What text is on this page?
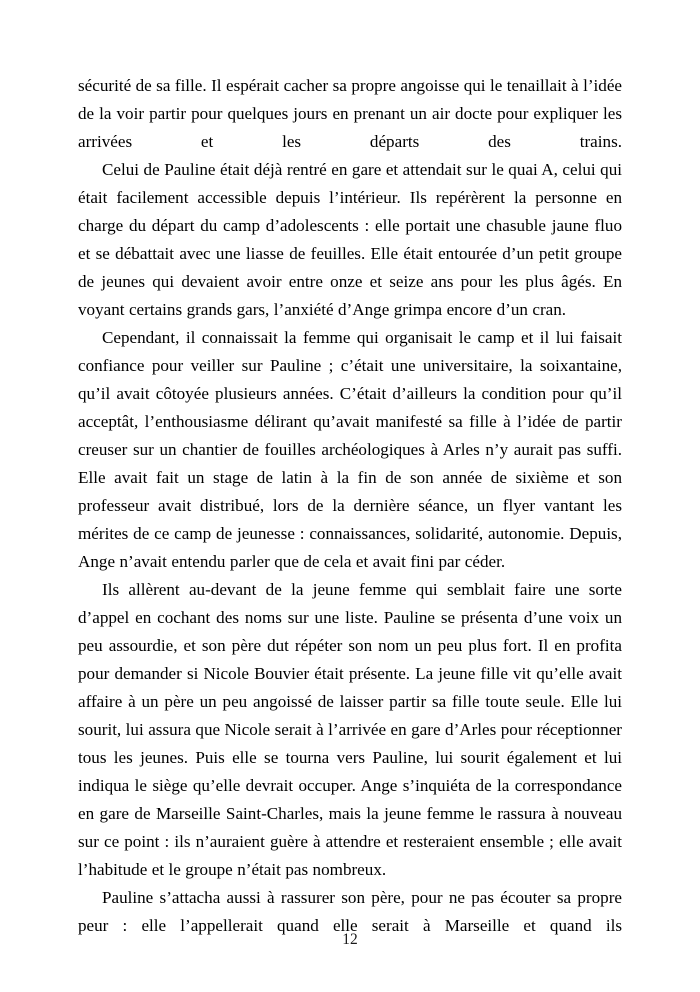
sécurité de sa fille. Il espérait cacher sa propre angoisse qui le tenaillait à l’idée de la voir partir pour quelques jours en prenant un air docte pour expliquer les arrivées et les départs des trains.

Celui de Pauline était déjà rentré en gare et attendait sur le quai A, celui qui était facilement accessible depuis l’intérieur. Ils repérèrent la personne en charge du départ du camp d’adolescents : elle portait une chasuble jaune fluo et se débattait avec une liasse de feuilles. Elle était entourée d’un petit groupe de jeunes qui devaient avoir entre onze et seize ans pour les plus âgés. En voyant certains grands gars, l’anxiété d’Ange grimpa encore d’un cran.

Cependant, il connaissait la femme qui organisait le camp et il lui faisait confiance pour veiller sur Pauline ; c’était une universitaire, la soixantaine, qu’il avait côtoyée plusieurs années. C’était d’ailleurs la condition pour qu’il acceptât, l’enthousiasme délirant qu’avait manifesté sa fille à l’idée de partir creuser sur un chantier de fouilles archéologiques à Arles n’y aurait pas suffi. Elle avait fait un stage de latin à la fin de son année de sixième et son professeur avait distribué, lors de la dernière séance, un flyer vantant les mérites de ce camp de jeunesse : connaissances, solidarité, autonomie. Depuis, Ange n’avait entendu parler que de cela et avait fini par céder.

Ils allèrent au-devant de la jeune femme qui semblait faire une sorte d’appel en cochant des noms sur une liste. Pauline se présenta d’une voix un peu assourdie, et son père dut répéter son nom un peu plus fort. Il en profita pour demander si Nicole Bouvier était présente. La jeune fille vit qu’elle avait affaire à un père un peu angoissé de laisser partir sa fille toute seule. Elle lui sourit, lui assura que Nicole serait à l’arrivée en gare d’Arles pour réceptionner tous les jeunes. Puis elle se tourna vers Pauline, lui sourit également et lui indiqua le siège qu’elle devrait occuper. Ange s’inquiéta de la correspondance en gare de Marseille Saint-Charles, mais la jeune femme le rassura à nouveau sur ce point : ils n’auraient guère à attendre et resteraient ensemble ; elle avait l’habitude et le groupe n’était pas nombreux.

Pauline s’attacha aussi à rassurer son père, pour ne pas écouter sa propre peur : elle l’appellerait quand elle serait à Marseille et quand ils

12
